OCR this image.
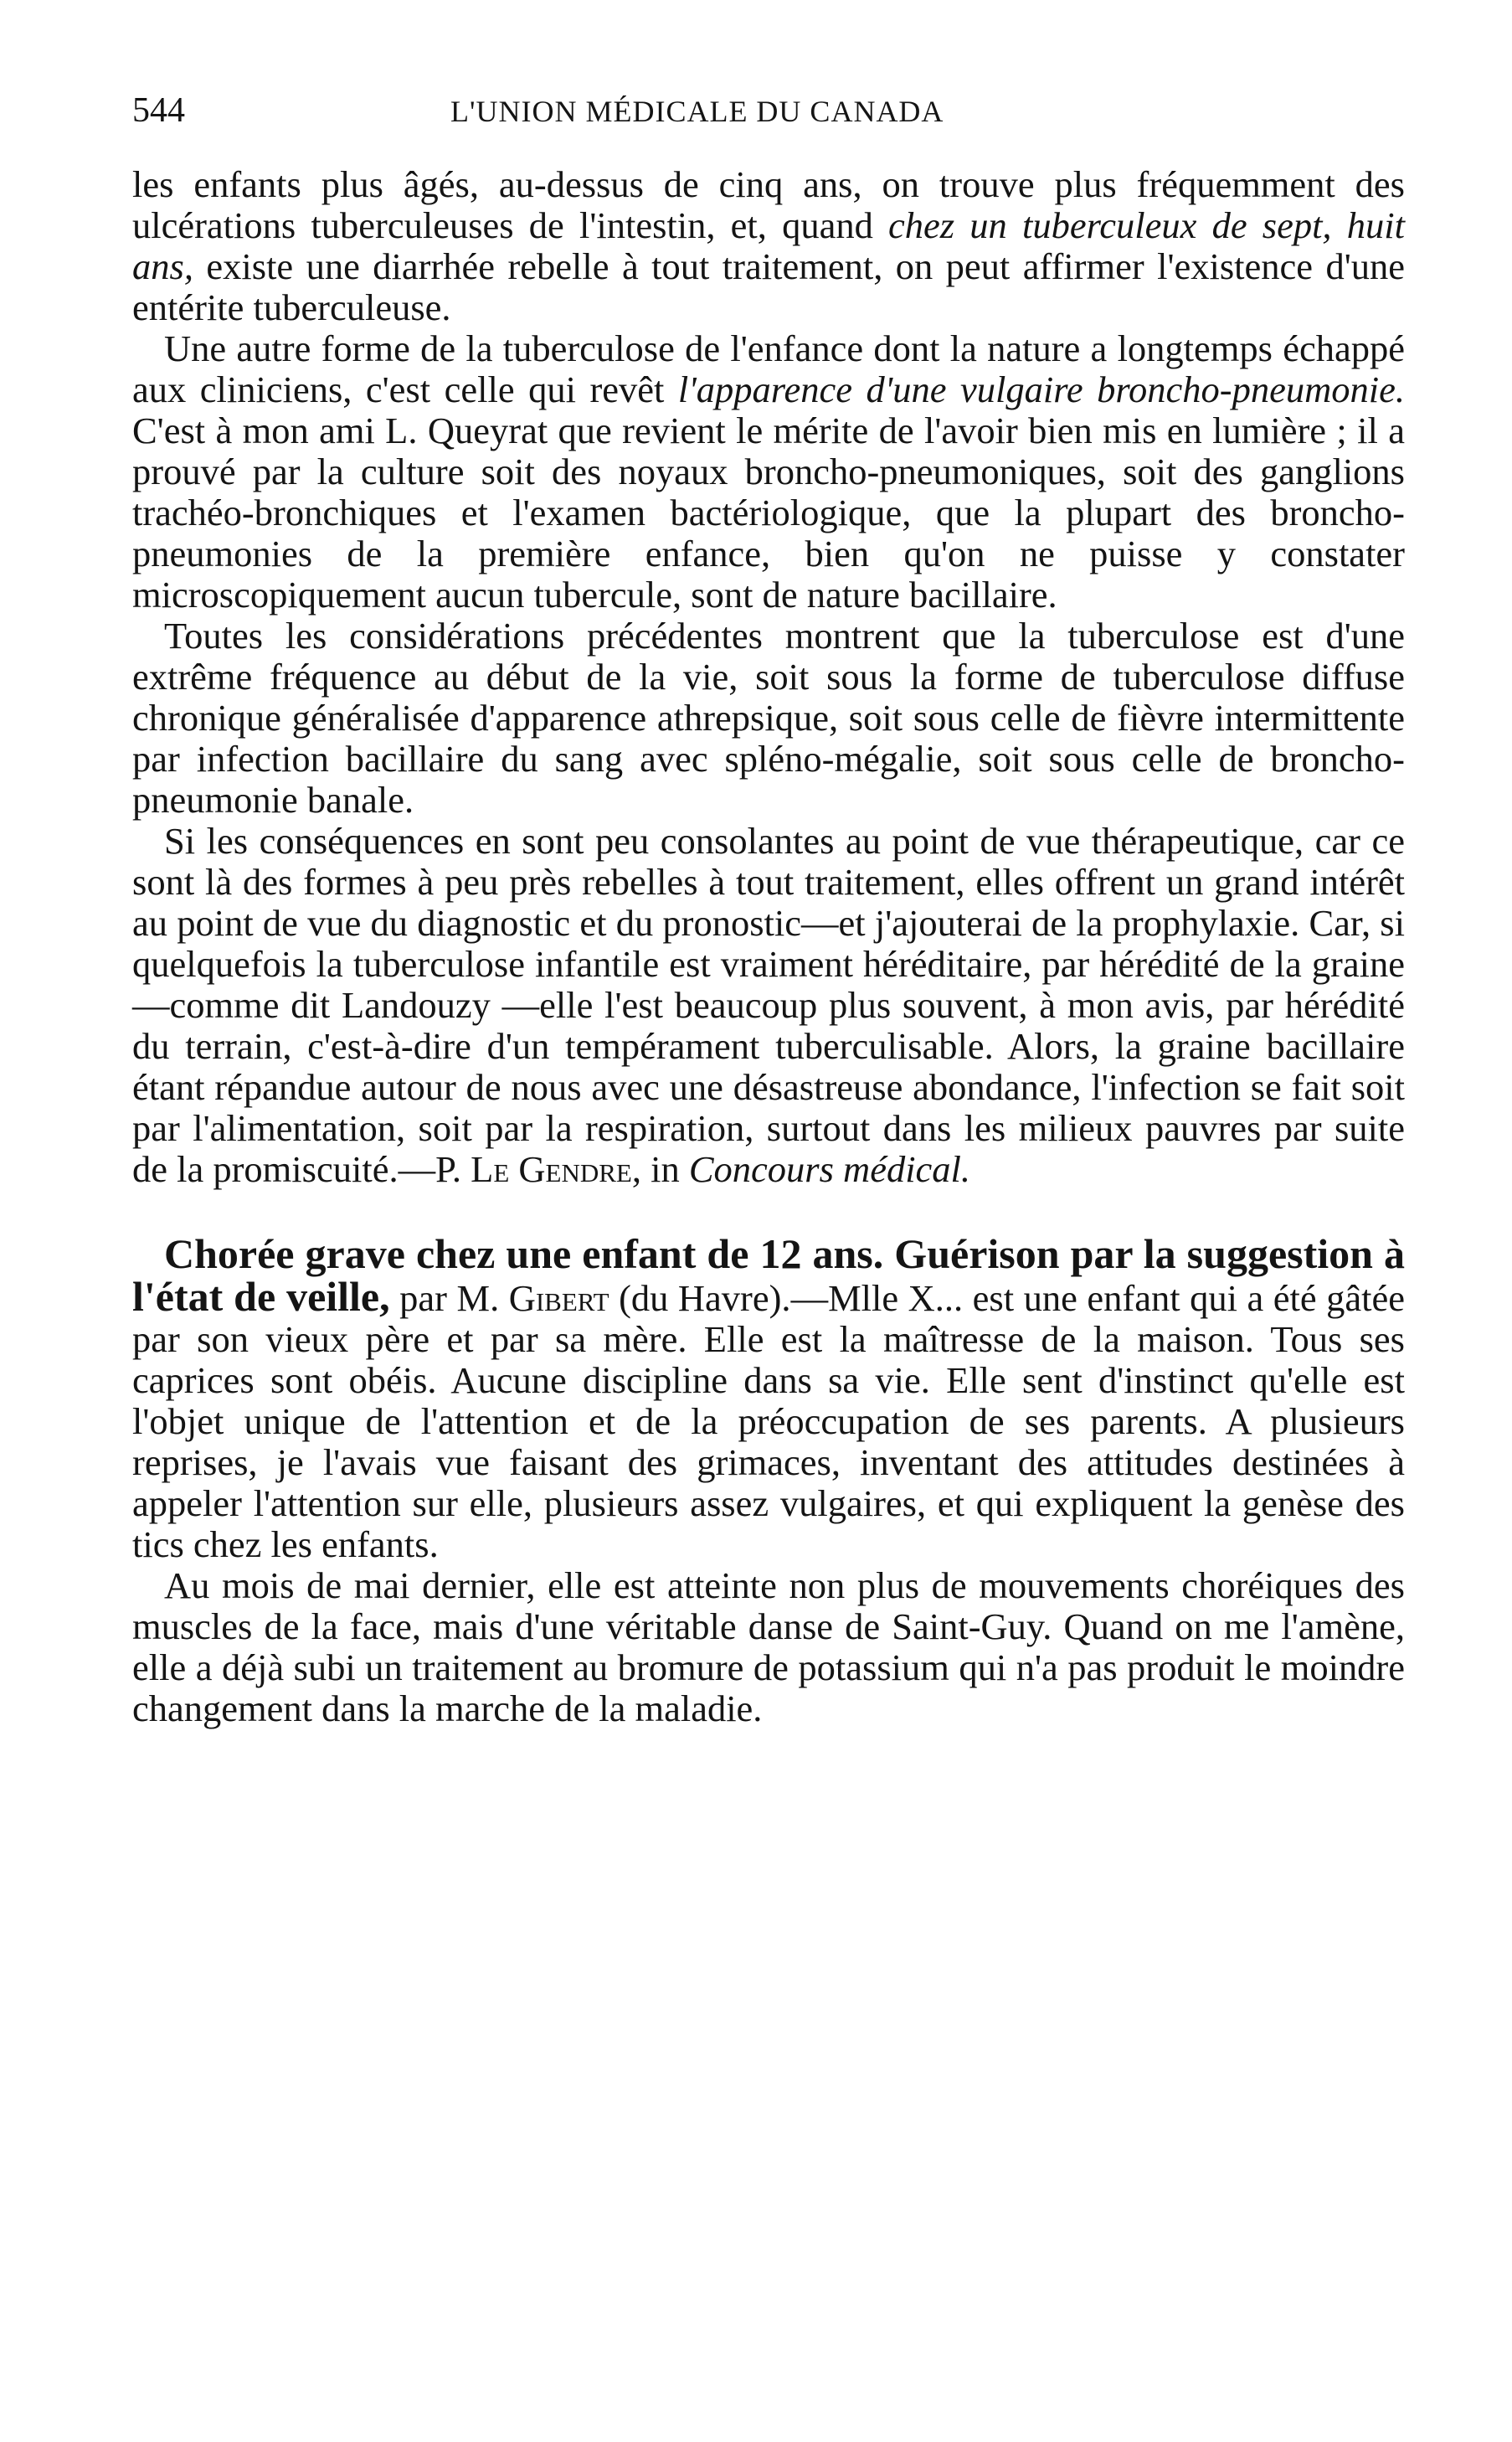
544	L'UNION MÉDICALE DU CANADA

les enfants plus âgés, au-dessus de cinq ans, on trouve plus fréquemment des ulcérations tuberculeuses de l'intestin, et, quand chez un tuberculeux de sept, huit ans, existe une diarrhée rebelle à tout traitement, on peut affirmer l'existence d'une entérite tuberculeuse.

Une autre forme de la tuberculose de l'enfance dont la nature a longtemps échappé aux cliniciens, c'est celle qui revêt l'apparence d'une vulgaire broncho-pneumonie. C'est à mon ami L. Queyrat que revient le mérite de l'avoir bien mis en lumière ; il a prouvé par la culture soit des noyaux broncho-pneumoniques, soit des ganglions trachéo-bronchiques et l'examen bactériologique, que la plupart des broncho-pneumonies de la première enfance, bien qu'on ne puisse y constater microscopiquement aucun tubercule, sont de nature bacillaire.

Toutes les considérations précédentes montrent que la tuberculose est d'une extrême fréquence au début de la vie, soit sous la forme de tuberculose diffuse chronique généralisée d'apparence athrepsique, soit sous celle de fièvre intermittente par infection bacillaire du sang avec spléno-mégalie, soit sous celle de broncho-pneumonie banale.

Si les conséquences en sont peu consolantes au point de vue thérapeutique, car ce sont là des formes à peu près rebelles à tout traitement, elles offrent un grand intérêt au point de vue du diagnostic et du pronostic—et j'ajouterai de la prophylaxie. Car, si quelquefois la tuberculose infantile est vraiment héréditaire, par hérédité de la graine—comme dit Landouzy —elle l'est beaucoup plus souvent, à mon avis, par hérédité du terrain, c'est-à-dire d'un tempérament tuberculisable. Alors, la graine bacillaire étant répandue autour de nous avec une désastreuse abondance, l'infection se fait soit par l'alimentation, soit par la respiration, surtout dans les milieux pauvres par suite de la promiscuité.—P. Le Gendre, in Concours médical.

Chorée grave chez une enfant de 12 ans. Guérison par la suggestion à l'état de veille, par M. Gibert (du Havre).—Mlle X... est une enfant qui a été gâtée par son vieux père et par sa mère. Elle est la maîtresse de la maison. Tous ses caprices sont obéis. Aucune discipline dans sa vie. Elle sent d'instinct qu'elle est l'objet unique de l'attention et de la préoccupation de ses parents. A plusieurs reprises, je l'avais vue faisant des grimaces, inventant des attitudes destinées à appeler l'attention sur elle, plusieurs assez vulgaires, et qui expliquent la genèse des tics chez les enfants.

Au mois de mai dernier, elle est atteinte non plus de mouvements choréiques des muscles de la face, mais d'une véritable danse de Saint-Guy. Quand on me l'amène, elle a déjà subi un traitement au bromure de potassium qui n'a pas produit le moindre changement dans la marche de la maladie.
